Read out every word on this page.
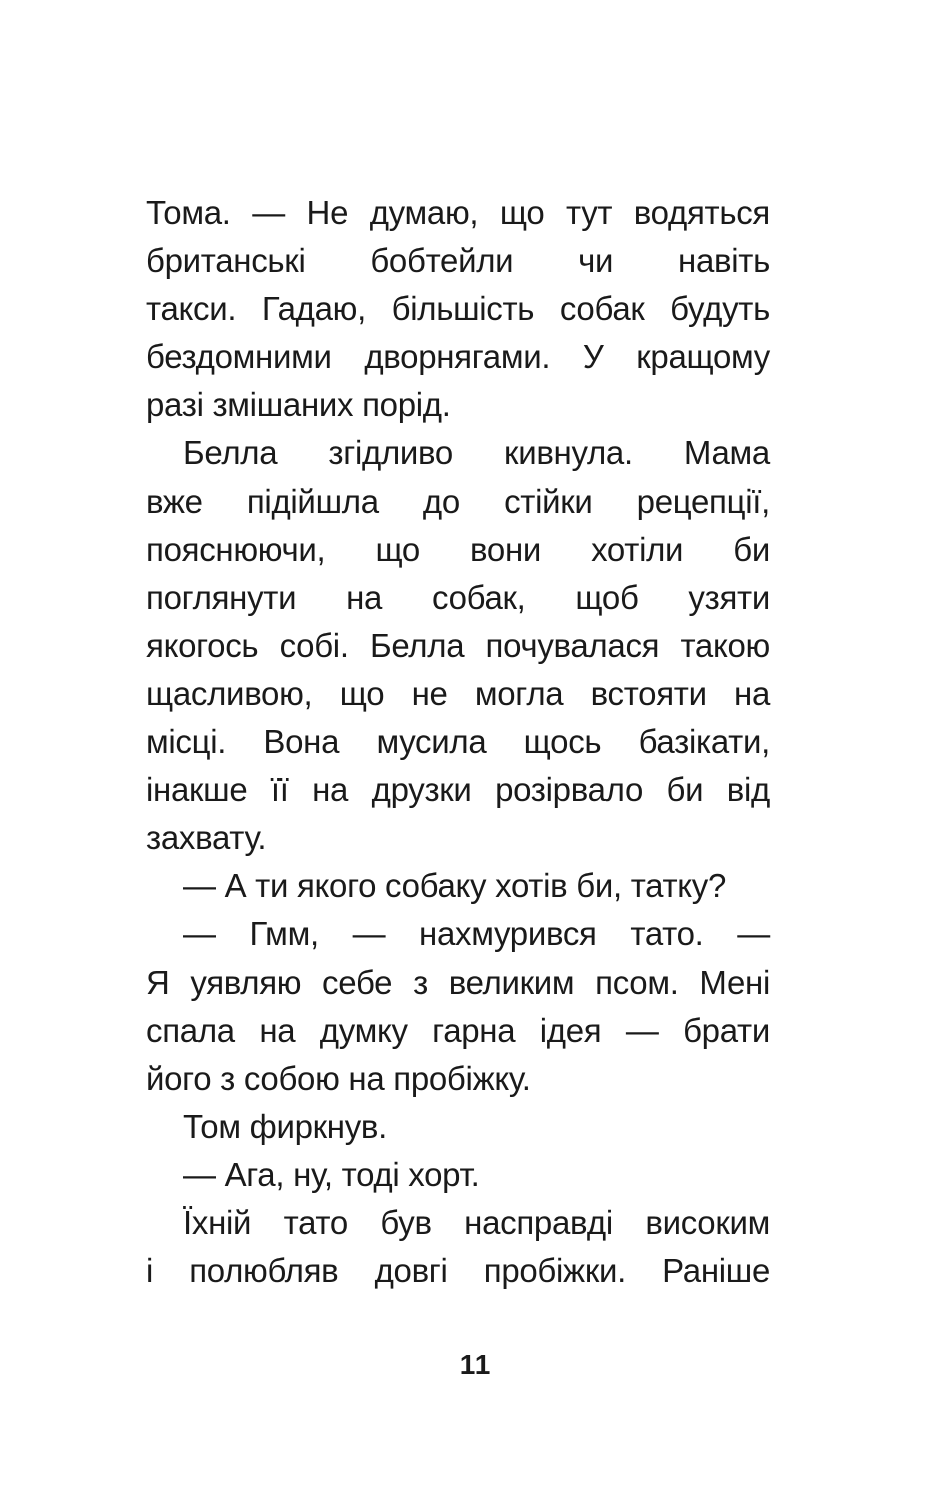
Тома. — Не думаю, що тут водяться
британські бобтейли чи навіть
такси. Гадаю, більшість собак будуть
бездомними дворнягами. У кращому
разі змішаних порід.
Белла згідливо кивнула. Мама
вже підійшла до стійки рецепції,
пояснюючи, що вони хотіли би
поглянути на собак, щоб узяти
якогось собі. Белла почувалася такою
щасливою, що не могла встояти на
місці. Вона мусила щось базікати,
інакше її на друзки розірвало би від
захвату.
— А ти якого собаку хотів би, татку?
— Гмм, — нахмурився тато. —
Я уявляю себе з великим псом. Мені
спала на думку гарна ідея — брати
його з собою на пробіжку.
Том фиркнув.
— Ага, ну, тоді хорт.
Їхній тато був насправді високим
і полюбляв довгі пробіжки. Раніше
11
